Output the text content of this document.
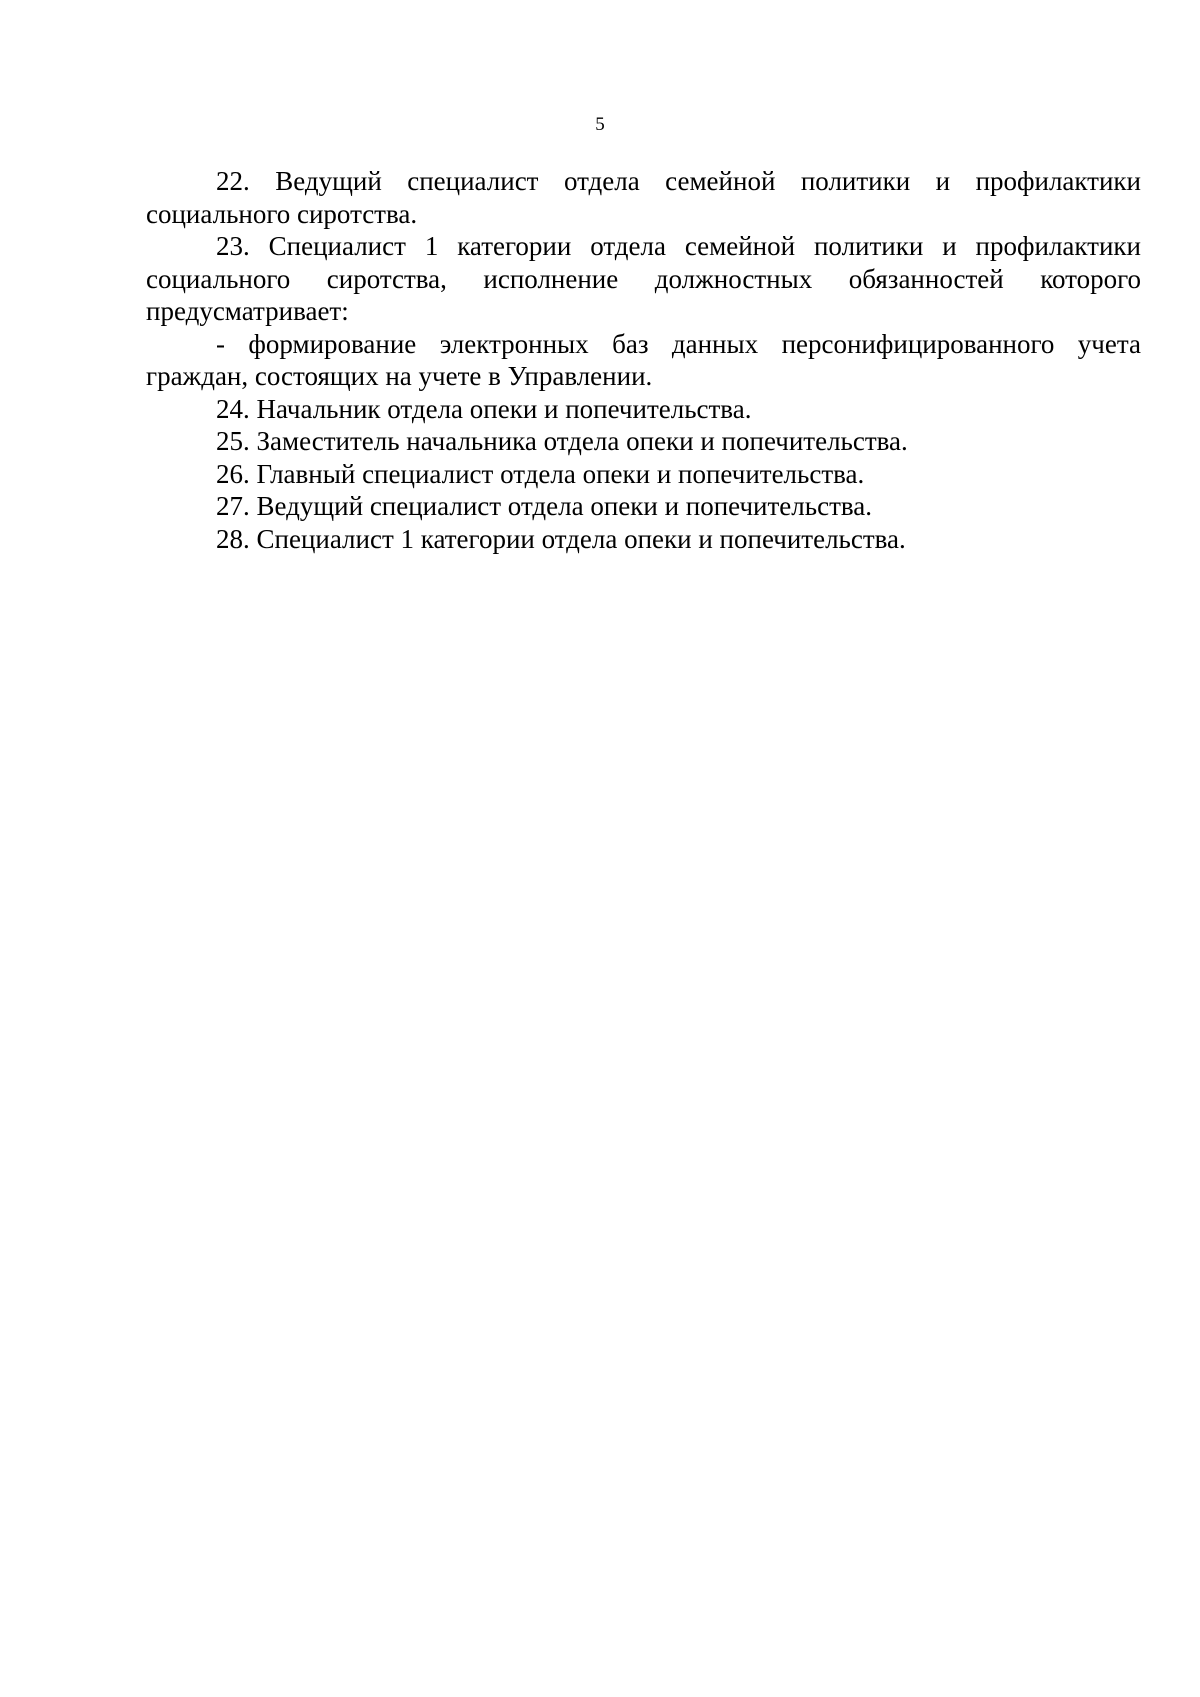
5

22. Ведущий специалист отдела семейной политики и профилактики социального сиротства.

23. Специалист 1 категории отдела семейной политики и профилактики социального сиротства, исполнение должностных обязанностей которого предусматривает:

- формирование электронных баз данных персонифицированного учета граждан, состоящих на учете в Управлении.

24. Начальник отдела опеки и попечительства.

25. Заместитель начальника отдела опеки и попечительства.

26. Главный специалист отдела опеки и попечительства.

27. Ведущий специалист отдела опеки и попечительства.

28. Специалист 1 категории отдела опеки и попечительства.
